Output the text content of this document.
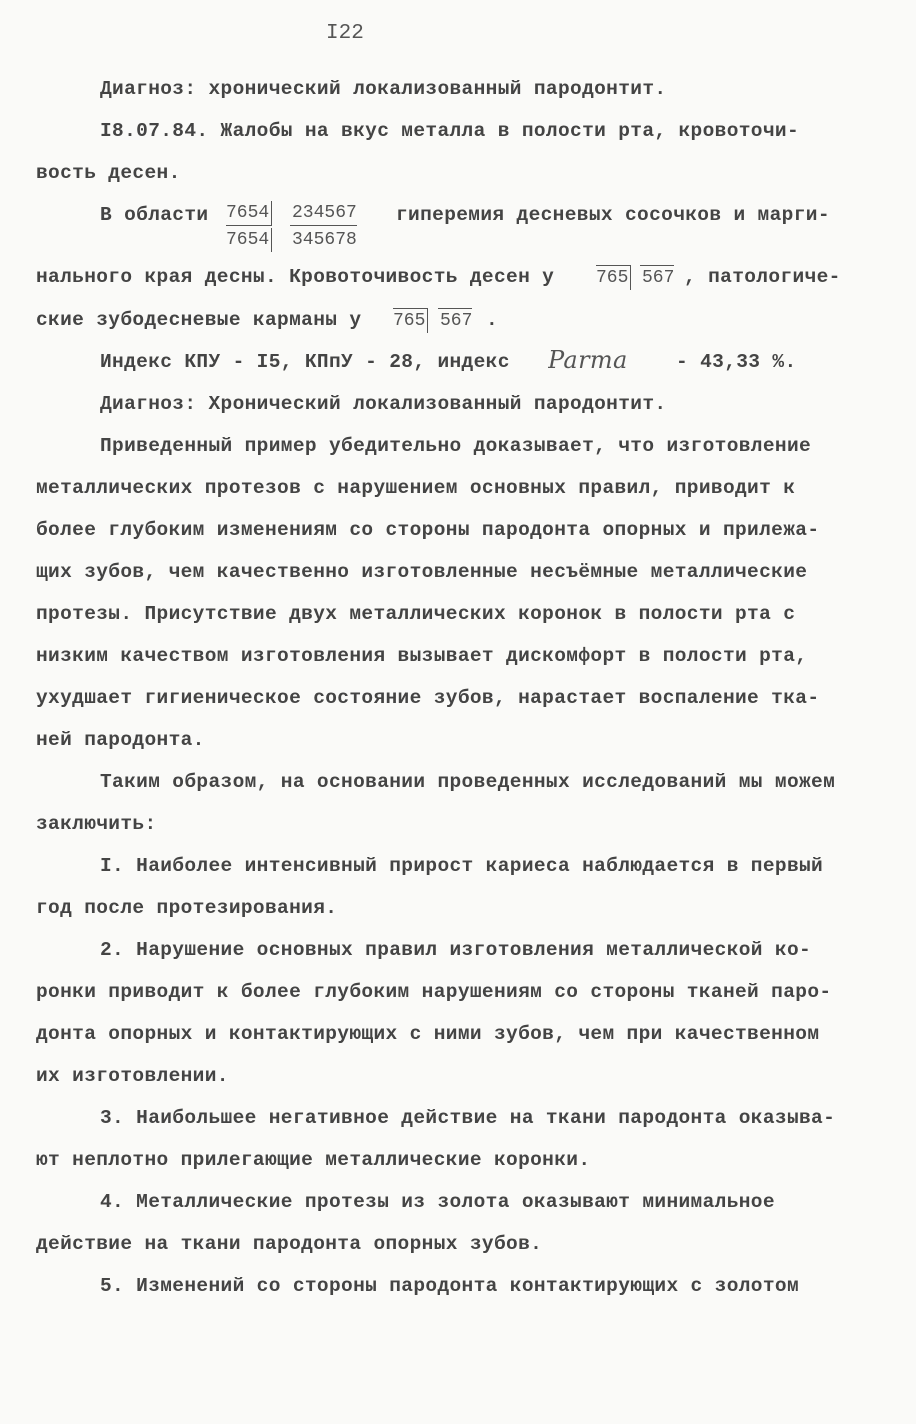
I22
Диагноз: хронический локализованный пародонтит.
I8.07.84. Жалобы на вкус металла в полости рта, кровоточи-
вость десен.
В области 7654 234567
7654 345678
гиперемия десневых сосочков и марги-
нального края десны. Кровоточивость десен у	765 567 , патологиче-
ские зубодесневые карманы у	765 567 .
Индекс КПУ - I5, КПпУ - 28, индекс	Parma	- 43,33 %.
Диагноз: Хронический локализованный пародонтит.
Приведенный пример убедительно доказывает, что изготовление
металлических протезов с нарушением основных правил, приводит к
более глубоким изменениям со стороны пародонта опорных и прилежа-
щих зубов, чем качественно изготовленные несъёмные металлические
протезы. Присутствие двух металлических коронок в полости рта с
низким качеством изготовления вызывает дискомфорт в полости рта,
ухудшает гигиеническое состояние зубов, нарастает воспаление тка-
ней пародонта.
Таким образом, на основании проведенных исследований мы можем
заключить:
I. Наиболее интенсивный прирост кариеса наблюдается в первый
год после протезирования.
2. Нарушение основных правил изготовления металлической ко-
ронки приводит к более глубоким нарушениям со стороны тканей паро-
донта опорных и контактирующих с ними зубов, чем при качественном
их изготовлении.
3. Наибольшее негативное действие на ткани пародонта оказыва-
ют неплотно прилегающие металлические коронки.
4. Металлические протезы из золота оказывают минимальное
действие на ткани пародонта опорных зубов.
5. Изменений со стороны пародонта контактирующих с золотом
